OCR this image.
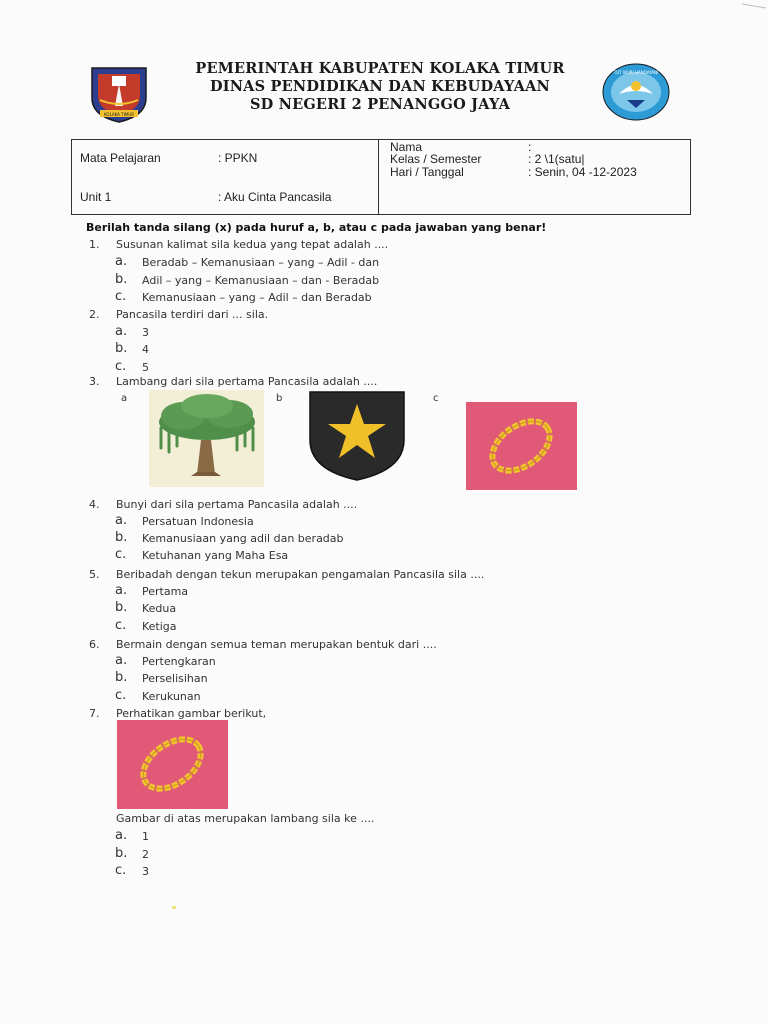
KOLAKA TIMUR
PEMERINTAH KABUPATEN KOLAKA TIMUR
DINAS PENDIDIKAN DAN KEBUDAYAAN
SD NEGERI 2 PENANGGO JAYA
TUT WURI HANDAYANI
Mata Pelajaran	: PPKN
Unit 1	: Aku Cinta Pancasila
Nama	:
Kelas / Semester	: 2 \1(satu|
Hari / Tanggal	: Senin, 04 -12-2023
Berilah tanda silang (x) pada huruf a, b, atau c pada jawaban yang benar!
1. Susunan kalimat sila kedua yang tepat adalah ....
a. Beradab – Kemanusiaan – yang – Adil - dan
b. Adil – yang – Kemanusiaan – dan - Beradab
c. Kemanusiaan – yang – Adil – dan Beradab
2. Pancasila terdiri dari ... sila.
a. 3
b. 4
c. 5
3. Lambang dari sila pertama Pancasila adalah ....
a	b	c
4. Bunyi dari sila pertama Pancasila adalah ....
a. Persatuan Indonesia
b. Kemanusiaan yang adil dan beradab
c. Ketuhanan yang Maha Esa
5. Beribadah dengan tekun merupakan pengamalan Pancasila sila ....
a. Pertama
b. Kedua
c. Ketiga
6. Bermain dengan semua teman merupakan bentuk dari ....
a. Pertengkaran
b. Perselisihan
c. Kerukunan
7. Perhatikan gambar berikut,
Gambar di atas merupakan lambang sila ke ....
a. 1
b. 2
c. 3
